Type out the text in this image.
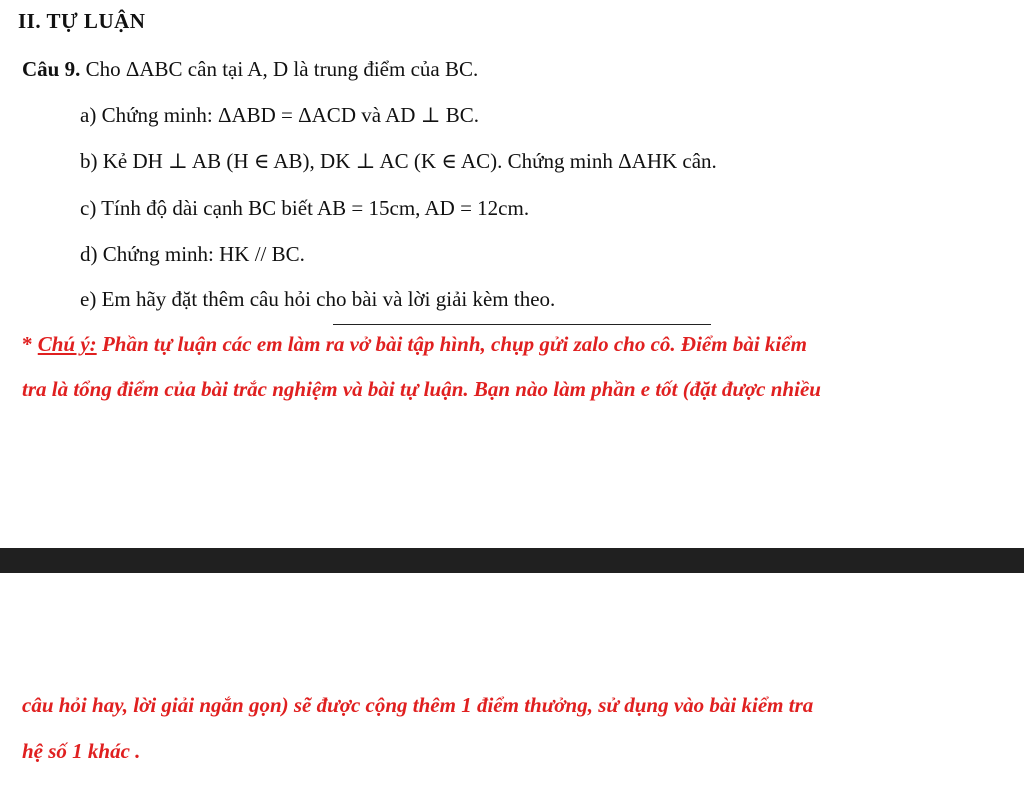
II. TỰ LUẬN
Câu 9. Cho ΔABC cân tại A, D là trung điểm của BC.
a) Chứng minh: ΔABD = ΔACD và AD ⊥ BC.
b) Kẻ DH ⊥ AB (H ∈ AB), DK ⊥ AC (K ∈ AC). Chứng minh ΔAHK cân.
c) Tính độ dài cạnh BC biết AB = 15cm, AD = 12cm.
d) Chứng minh: HK // BC.
e) Em hãy đặt thêm câu hỏi cho bài và lời giải kèm theo.
* Chú ý: Phần tự luận các em làm ra vở bài tập hình, chụp gửi zalo cho cô. Điểm bài kiểm
tra là tổng điểm của bài trắc nghiệm và bài tự luận. Bạn nào làm phần e tốt (đặt được nhiều
câu hỏi hay, lời giải ngắn gọn) sẽ được cộng thêm 1 điểm thưởng, sử dụng vào bài kiểm tra
hệ số 1 khác .
